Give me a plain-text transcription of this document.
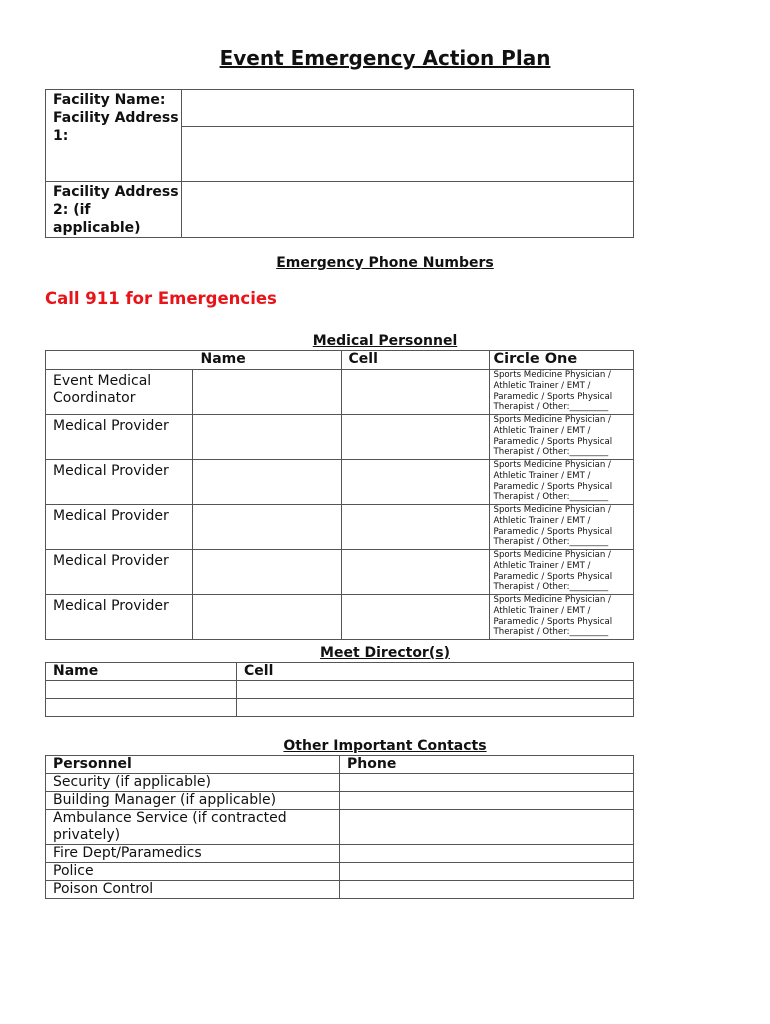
Event Emergency Action Plan
Facility Name:
Facility Address 1:	

Facility Address 2: (if applicable)	
Emergency Phone Numbers
Call 911 for Emergencies
Medical Personnel
	Name	Cell	Circle One
Event Medical Coordinator			Sports Medicine Physician / Athletic Trainer / EMT / Paramedic / Sports Physical Therapist / Other:_________
Medical Provider			Sports Medicine Physician / Athletic Trainer / EMT / Paramedic / Sports Physical Therapist / Other:_________
Medical Provider			Sports Medicine Physician / Athletic Trainer / EMT / Paramedic / Sports Physical Therapist / Other:_________
Medical Provider			Sports Medicine Physician / Athletic Trainer / EMT / Paramedic / Sports Physical Therapist / Other:_________
Medical Provider			Sports Medicine Physician / Athletic Trainer / EMT / Paramedic / Sports Physical Therapist / Other:_________
Medical Provider			Sports Medicine Physician / Athletic Trainer / EMT / Paramedic / Sports Physical Therapist / Other:_________
Meet Director(s)
Name	Cell

Other Important Contacts
Personnel	Phone
Security (if applicable)	
Building Manager (if applicable)	
Ambulance Service (if contracted privately)	
Fire Dept/Paramedics	
Police	
Poison Control	
